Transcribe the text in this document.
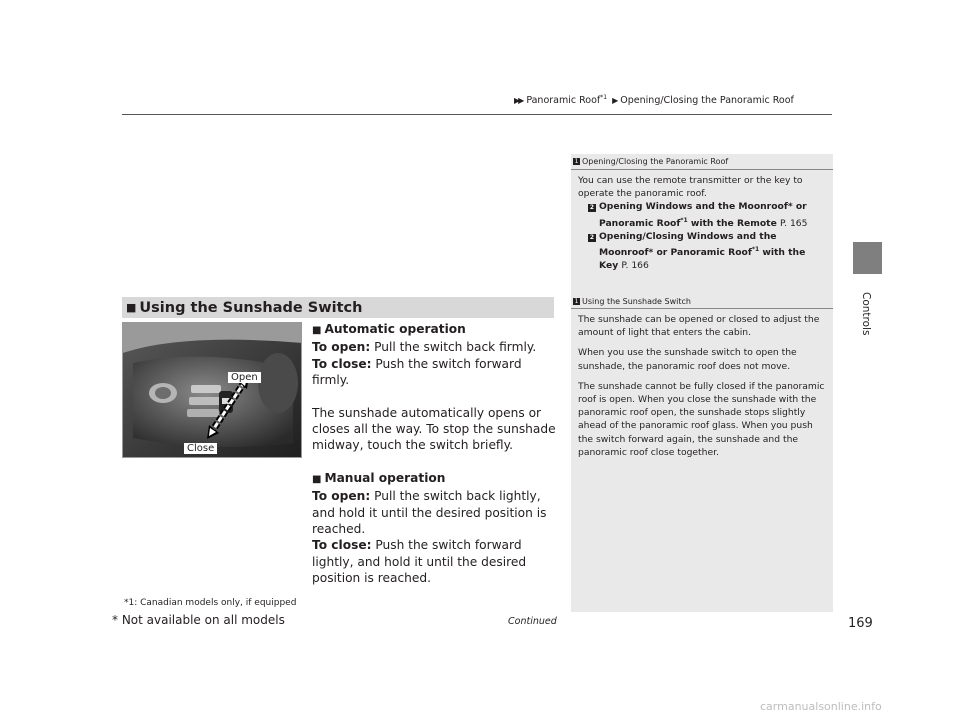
▶▶ Panoramic Roof$^{*1}$ ▶ Opening/Closing the Panoramic Roof
Controls
■ Using the Sunshade Switch
Open
Close

■ Automatic operation

To open: Pull the switch back firmly.

To close: Push the switch forward firmly.

The sunshade automatically opens or closes all the way. To stop the sunshade midway, touch the switch briefly.

■ Manual operation

To open: Pull the switch back lightly, and hold it until the desired position is reached.

To close: Push the switch forward lightly, and hold it until the desired position is reached.

*1: Canadian models only, if equipped
* Not available on all models	Continued	169
1 Opening/Closing the Panoramic Roof

You can use the remote transmitter or the key to operate the panoramic roof.

2 Opening Windows and the Moonroof* or

Panoramic Roof$^{*1}$ with the Remote P. 165

2 Opening/Closing Windows and the

Moonroof* or Panoramic Roof$^{*1}$ with the

Key P. 166

1 Using the Sunshade Switch

The sunshade can be opened or closed to adjust the amount of light that enters the cabin.

When you use the sunshade switch to open the sunshade, the panoramic roof does not move.

The sunshade cannot be fully closed if the panoramic roof is open. When you close the sunshade with the panoramic roof open, the sunshade stops slightly ahead of the panoramic roof glass. When you push the switch forward again, the sunshade and the panoramic roof close together.

carmanualsonline.info
